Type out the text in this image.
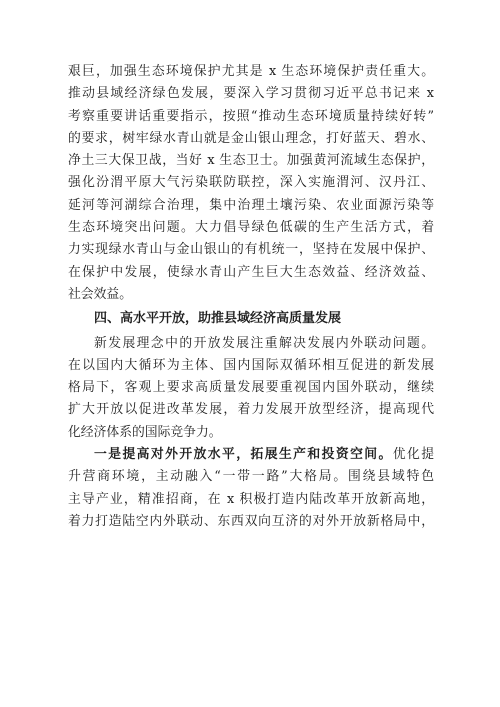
艰巨，加强生态环境保护尤其是 x 生态环境保护责任重大。
推动县域经济绿色发展，要深入学习贯彻习近平总书记来 x
考察重要讲话重要指示，按照“推动生态环境质量持续好转”
的要求，树牢绿水青山就是金山银山理念，打好蓝天、碧水、
净土三大保卫战，当好 x 生态卫士。加强黄河流域生态保护，
强化汾渭平原大气污染联防联控，深入实施渭河、汉丹江、
延河等河湖综合治理，集中治理土壤污染、农业面源污染等
生态环境突出问题。大力倡导绿色低碳的生产生活方式，着
力实现绿水青山与金山银山的有机统一，坚持在发展中保护、
在保护中发展，使绿水青山产生巨大生态效益、经济效益、
社会效益。
四、高水平开放，助推县域经济高质量发展
新发展理念中的开放发展注重解决发展内外联动问题。
在以国内大循环为主体、国内国际双循环相互促进的新发展
格局下，客观上要求高质量发展要重视国内国外联动，继续
扩大开放以促进改革发展，着力发展开放型经济，提高现代
化经济体系的国际竞争力。
一是提高对外开放水平，拓展生产和投资空间。优化提
升营商环境，主动融入“一带一路”大格局。围绕县域特色
主导产业，精准招商，在 x 积极打造内陆改革开放新高地，
着力打造陆空内外联动、东西双向互济的对外开放新格局中，
